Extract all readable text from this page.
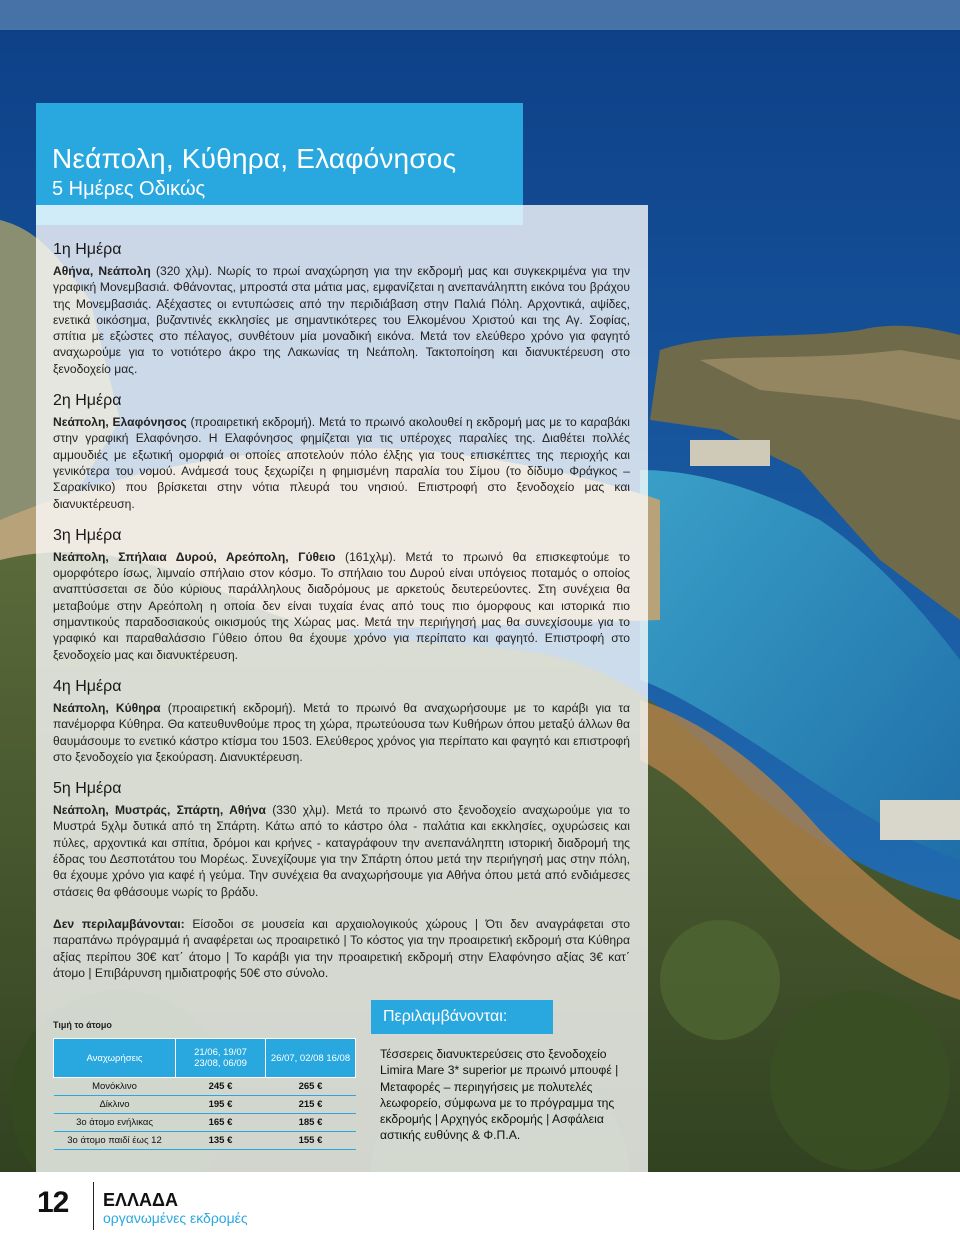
Νεάπολη, Κύθηρα, Ελαφόνησος
5 Ημέρες Οδικώς
1η Ημέρα

Αθήνα, Νεάπολη (320 χλμ). Νωρίς το πρωί αναχώρηση για την εκδρομή μας και συγκεκριμένα για την γραφική Μονεμβασιά. Φθάνοντας, μπροστά στα μάτια μας, εμφανίζεται η ανεπανάληπτη εικόνα του βράχου της Μονεμβασιάς. Αξέχαστες οι εντυπώσεις από την περιδιάβαση στην Παλιά Πόλη. Αρχοντικά, αψίδες, ενετικά οικόσημα, βυζαντινές εκκλησίες με σημαντικότερες του Ελκομένου Χριστού και της Αγ. Σοφίας, σπίτια με εξώστες στο πέλαγος, συνθέτουν μία μοναδική εικόνα. Μετά τον ελεύθερο χρόνο για φαγητό αναχωρούμε για το νοτιότερο άκρο της Λακωνίας τη Νεάπολη. Τακτοποίηση και διανυκτέρευση στο ξενοδοχείο μας.

2η Ημέρα

Νεάπολη, Ελαφόνησος (προαιρετική εκδρομή). Μετά το πρωινό ακολουθεί η εκδρομή μας με το καραβάκι στην γραφική Ελαφόνησο. Η Ελαφόνησος φημίζεται για τις υπέροχες παραλίες της. Διαθέτει πολλές αμμουδιές με εξωτική ομορφιά οι οποίες αποτελούν πόλο έλξης για τους επισκέπτες της περιοχής και γενικότερα του νομού. Ανάμεσά τους ξεχωρίζει η φημισμένη παραλία του Σίμου (το δίδυμο Φράγκος – Σαρακίνικο) που βρίσκεται στην νότια πλευρά του νησιού. Επιστροφή στο ξενοδοχείο μας και διανυκτέρευση.

3η Ημέρα

Νεάπολη, Σπήλαια Δυρού, Αρεόπολη, Γύθειο (161χλμ). Μετά το πρωινό θα επισκεφτούμε το ομορφότερο ίσως, λιμναίο σπήλαιο στον κόσμο. Το σπήλαιο του Δυρού είναι υπόγειος ποταμός ο οποίος αναπτύσσεται σε δύο κύριους παράλληλους διαδρόμους με αρκετούς δευτερεύοντες. Στη συνέχεια θα μεταβούμε στην Αρεόπολη η οποία δεν είναι τυχαία ένας από τους πιο όμορφους και ιστορικά πιο σημαντικούς παραδοσιακούς οικισμούς της Χώρας μας. Μετά την περιήγησή μας θα συνεχίσουμε για το γραφικό και παραθαλάσσιο Γύθειο όπου θα έχουμε χρόνο για περίπατο και φαγητό. Επιστροφή στο ξενοδοχείο μας και διανυκτέρευση.

4η Ημέρα

Νεάπολη, Κύθηρα (προαιρετική εκδρομή). Μετά το πρωινό θα αναχωρήσουμε με το καράβι για τα πανέμορφα Κύθηρα. Θα κατευθυνθούμε προς τη χώρα, πρωτεύουσα των Κυθήρων όπου μεταξύ άλλων θα θαυμάσουμε το ενετικό κάστρο κτίσμα του 1503. Ελεύθερος χρόνος για περίπατο και φαγητό και επιστροφή στο ξενοδοχείο για ξεκούραση. Διανυκτέρευση.

5η Ημέρα

Νεάπολη, Μυστράς, Σπάρτη, Αθήνα (330 χλμ). Μετά το πρωινό στο ξενοδοχείο αναχωρούμε για το Μυστρά 5χλμ δυτικά από τη Σπάρτη. Κάτω από το κάστρο όλα - παλάτια και εκκλησίες, οχυρώσεις και πύλες, αρχοντικά και σπίτια, δρόμοι και κρήνες - καταγράφουν την ανεπανάληπτη ιστορική διαδρομή της έδρας του Δεσποτάτου του Μορέως. Συνεχίζουμε για την Σπάρτη όπου μετά την περιήγησή μας στην πόλη, θα έχουμε χρόνο για καφέ ή γεύμα. Την συνέχεια θα αναχωρήσουμε για Αθήνα όπου μετά από ενδιάμεσες στάσεις θα φθάσουμε νωρίς το βράδυ.

Δεν περιλαμβάνονται: Είσοδοι σε μουσεία και αρχαιολογικούς χώρους | Ότι δεν αναγράφεται στο παραπάνω πρόγραμμά ή αναφέρεται ως προαιρετικό | Το κόστος για την προαιρετική εκδρομή στα Κύθηρα αξίας περίπου 30€ κατ΄ άτομο | Το καράβι για την προαιρετική εκδρομή στην Ελαφόνησο αξίας 3€ κατ΄ άτομο | Επιβάρυνση ημιδιατροφής 50€ στο σύνολο.

Τιμή το άτομο
Αναχωρήσεις	21/06, 19/07 23/08, 06/09	26/07, 02/08 16/08
Μονόκλινο	245 €	265 €
Δίκλινο	195 €	215 €
3ο άτομο ενήλικας	165 €	185 €
3ο άτομο παιδί έως 12	135 €	155 €
Περιλαμβάνονται:
Τέσσερεις διανυκτερεύσεις στο ξενοδοχείο Limira Mare 3* superior με πρωινό μπουφέ | Μεταφορές – περιηγήσεις με πολυτελές λεωφορείο, σύμφωνα με το πρόγραμμα της εκδρομής | Αρχηγός εκδρομής | Ασφάλεια αστικής ευθύνης & Φ.Π.Α.
12 ΕΛΛΑΔΑ
οργανωμένες εκδρομές
